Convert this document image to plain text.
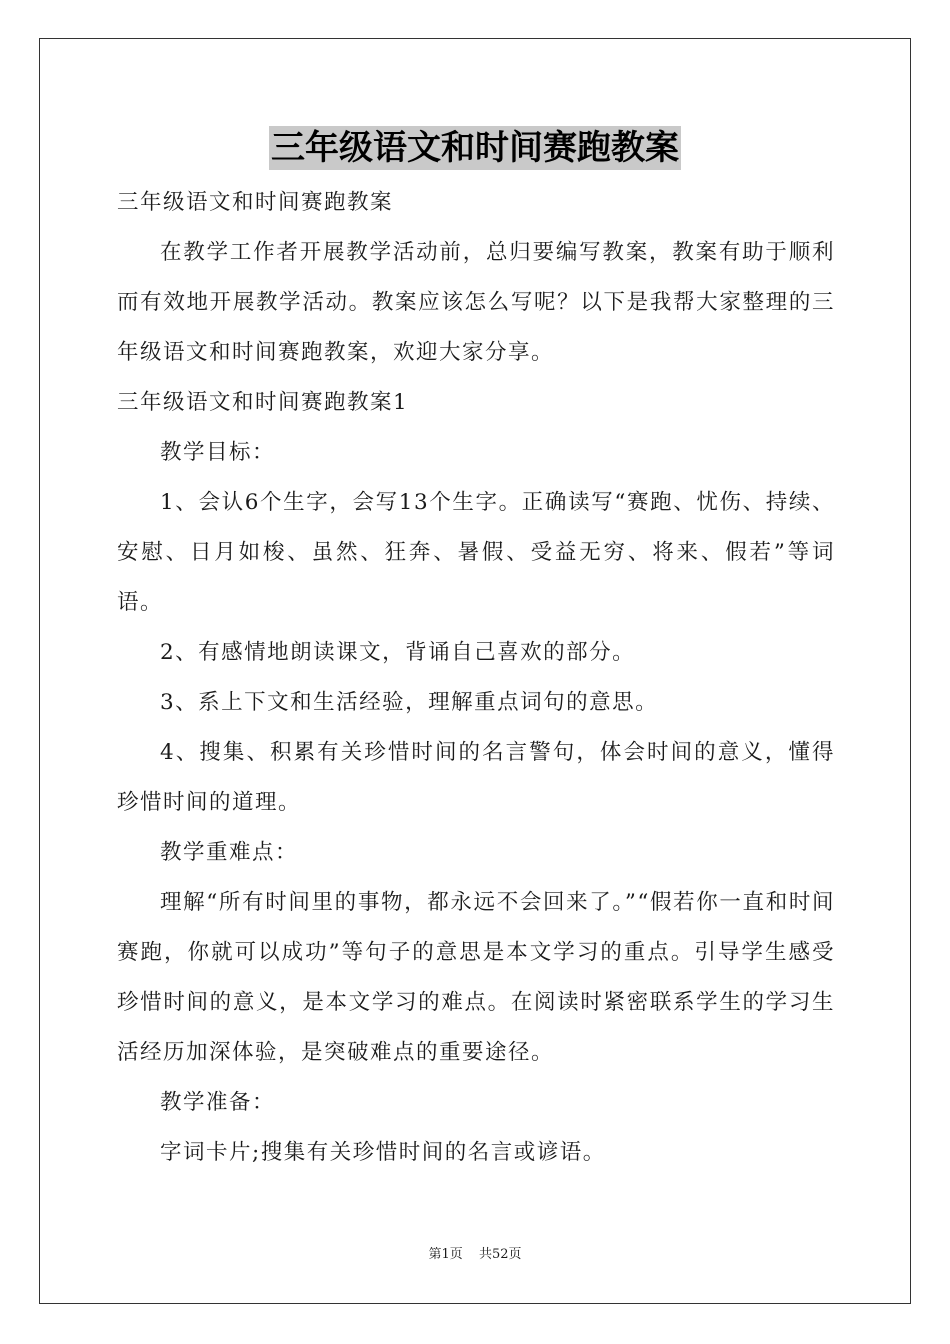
三年级语文和时间赛跑教案

三年级语文和时间赛跑教案

在教学工作者开展教学活动前，总归要编写教案，教案有助于顺利而有效地开展教学活动。教案应该怎么写呢？以下是我帮大家整理的三年级语文和时间赛跑教案，欢迎大家分享。

三年级语文和时间赛跑教案1

教学目标：

1、会认6个生字，会写13个生字。正确读写“赛跑、忧伤、持续、安慰、日月如梭、虽然、狂奔、暑假、受益无穷、将来、假若”等词语。

2、有感情地朗读课文，背诵自己喜欢的部分。

3、系上下文和生活经验，理解重点词句的意思。

4、搜集、积累有关珍惜时间的名言警句，体会时间的意义，懂得珍惜时间的道理。

教学重难点：

理解“所有时间里的事物，都永远不会回来了。”“假若你一直和时间赛跑，你就可以成功”等句子的意思是本文学习的重点。引导学生感受珍惜时间的意义，是本文学习的难点。在阅读时紧密联系学生的学习生活经历加深体验，是突破难点的重要途径。

教学准备：

字词卡片;搜集有关珍惜时间的名言或谚语。

第1页 共52页
